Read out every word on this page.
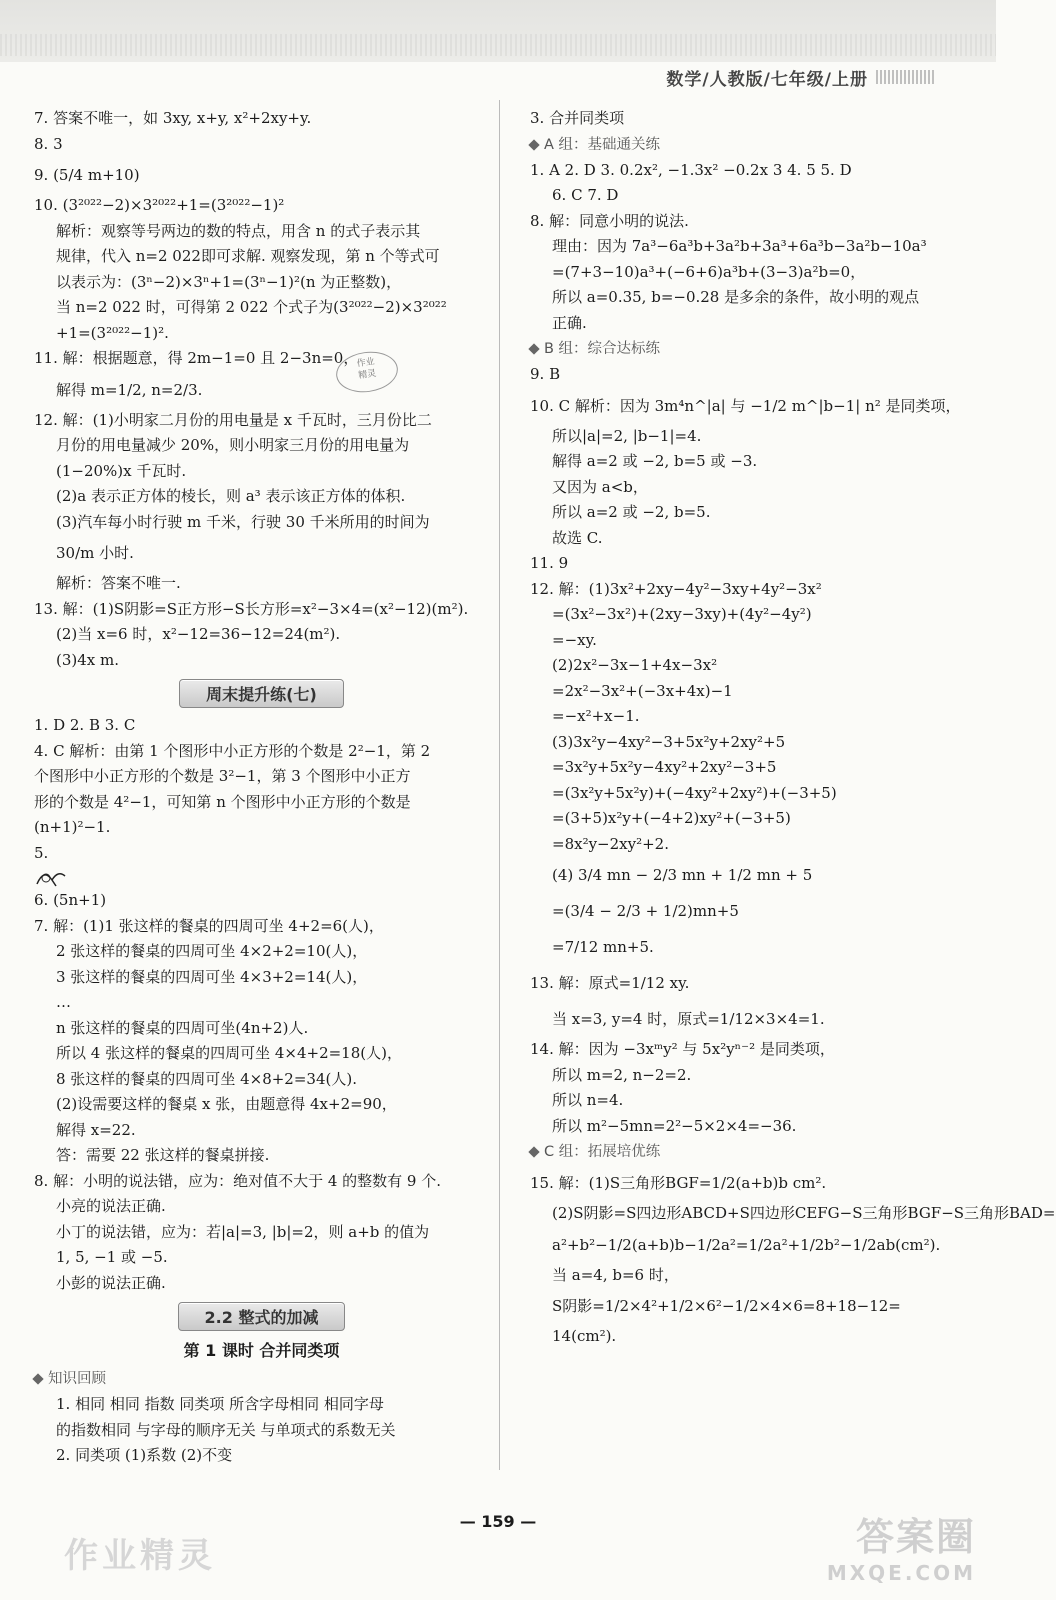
数学/人教版/七年级/上册
7. 答案不唯一，如 3xy, x+y, x²+2xy+y.
8. 3
9. (5/4 m+10)
10. (3²⁰²²−2)×3²⁰²²+1=(3²⁰²²−1)²
解析：观察等号两边的数的特点，用含 n 的式子表示其
规律，代入 n=2 022即可求解. 观察发现，第 n 个等式可
以表示为：(3ⁿ−2)×3ⁿ+1=(3ⁿ−1)²(n 为正整数)，
当 n=2 022 时，可得第 2 022 个式子为(3²⁰²²−2)×3²⁰²²
+1=(3²⁰²²−1)².
11. 解：根据题意，得 2m−1=0 且 2−3n=0，
解得 m=1/2, n=2/3.
12. 解：(1)小明家二月份的用电量是 x 千瓦时，三月份比二
月份的用电量减少 20%，则小明家三月份的用电量为
(1−20%)x 千瓦时.
(2)a 表示正方体的棱长，则 a³ 表示该正方体的体积.
(3)汽车每小时行驶 m 千米，行驶 30 千米所用的时间为
30/m 小时.
解析：答案不唯一.
13. 解：(1)S阴影=S正方形−S长方形=x²−3×4=(x²−12)(m²).
(2)当 x=6 时，x²−12=36−12=24(m²).
(3)4x m.
周末提升练(七)
1. D 2. B 3. C
4. C 解析：由第 1 个图形中小正方形的个数是 2²−1，第 2
个图形中小正方形的个数是 3²−1，第 3 个图形中小正方
形的个数是 4²−1，可知第 n 个图形中小正方形的个数是
(n+1)²−1.
5.
6. (5n+1)
7. 解：(1)1 张这样的餐桌的四周可坐 4+2=6(人)，
2 张这样的餐桌的四周可坐 4×2+2=10(人)，
3 张这样的餐桌的四周可坐 4×3+2=14(人)，
…
n 张这样的餐桌的四周可坐(4n+2)人.
所以 4 张这样的餐桌的四周可坐 4×4+2=18(人)，
8 张这样的餐桌的四周可坐 4×8+2=34(人).
(2)设需要这样的餐桌 x 张，由题意得 4x+2=90，
解得 x=22.
答：需要 22 张这样的餐桌拼接.
8. 解：小明的说法错，应为：绝对值不大于 4 的整数有 9 个.
小亮的说法正确.
小丁的说法错，应为：若|a|=3, |b|=2，则 a+b 的值为
1, 5, −1 或 −5.
小彭的说法正确.
2.2 整式的加减
第 1 课时 合并同类项
知识回顾
1. 相同 相同 指数 同类项 所含字母相同 相同字母
的指数相同 与字母的顺序无关 与单项式的系数无关
2. 同类项 (1)系数 (2)不变
作业
精灵
3. 合并同类项
A 组：基础通关练
1. A 2. D 3. 0.2x², −1.3x² −0.2x 3 4. 5 5. D
6. C 7. D
8. 解：同意小明的说法.
理由：因为 7a³−6a³b+3a²b+3a³+6a³b−3a²b−10a³
=(7+3−10)a³+(−6+6)a³b+(3−3)a²b=0，
所以 a=0.35, b=−0.28 是多余的条件，故小明的观点
正确.
B 组：综合达标练
9. B
10. C 解析：因为 3m⁴n^|a| 与 −1/2 m^|b−1| n² 是同类项，
所以|a|=2, |b−1|=4.
解得 a=2 或 −2, b=5 或 −3.
又因为 a<b，
所以 a=2 或 −2, b=5.
故选 C.
11. 9
12. 解：(1)3x²+2xy−4y²−3xy+4y²−3x²
=(3x²−3x²)+(2xy−3xy)+(4y²−4y²)
=−xy.
(2)2x²−3x−1+4x−3x²
=2x²−3x²+(−3x+4x)−1
=−x²+x−1.
(3)3x²y−4xy²−3+5x²y+2xy²+5
=3x²y+5x²y−4xy²+2xy²−3+5
=(3x²y+5x²y)+(−4xy²+2xy²)+(−3+5)
=(3+5)x²y+(−4+2)xy²+(−3+5)
=8x²y−2xy²+2.
(4) 3/4 mn − 2/3 mn + 1/2 mn + 5
=(3/4 − 2/3 + 1/2)mn+5
=7/12 mn+5.
13. 解：原式=1/12 xy.
当 x=3, y=4 时，原式=1/12×3×4=1.
14. 解：因为 −3xᵐy² 与 5x²yⁿ⁻² 是同类项，
所以 m=2, n−2=2.
所以 n=4.
所以 m²−5mn=2²−5×2×4=−36.
C 组：拓展培优练
15. 解：(1)S三角形BGF=1/2(a+b)b cm².
(2)S阴影=S四边形ABCD+S四边形CEFG−S三角形BGF−S三角形BAD=
a²+b²−1/2(a+b)b−1/2a²=1/2a²+1/2b²−1/2ab(cm²).
当 a=4, b=6 时，
S阴影=1/2×4²+1/2×6²−1/2×4×6=8+18−12=
14(cm²).
— 159 —
作业精灵	答案圈
MXQE.COM
